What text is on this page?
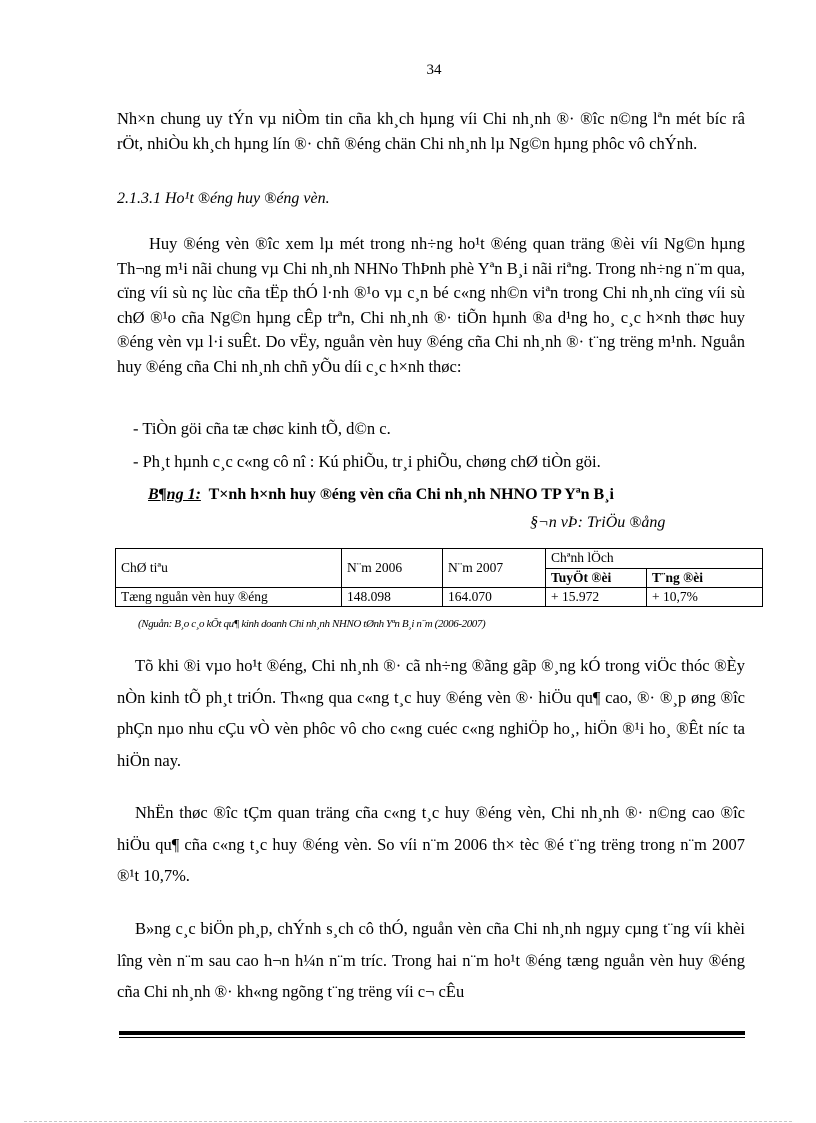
34

Nh×n chung uy tÝn vµ niÒm tin cña kh¸ch hµng víi Chi nh¸nh ®· ®îc n©ng lªn mét bíc râ rÖt, nhiÒu kh¸ch hµng lín ®· chñ ®éng chän Chi nh¸nh lµ Ng©n hµng phôc vô chÝnh.

2.1.3.1 Ho¹t ®éng huy ®éng vèn.

Huy ®éng vèn ®îc xem lµ mét trong nh÷ng ho¹t ®éng quan träng ®èi víi Ng©n hµng Th¬ng m¹i nãi chung vµ Chi nh¸nh NHNo ThÞnh phè Yªn B¸i nãi riªng. Trong nh÷ng n¨m qua, cïng víi sù nç lùc cña tËp thÓ l·nh ®¹o vµ c¸n bé c«ng nh©n viªn trong Chi nh¸nh cïng víi sù chØ ®¹o cña Ng©n hµng cÊp trªn, Chi nh¸nh ®· tiÕn hµnh ®a d¹ng ho¸ c¸c h×nh thøc huy ®éng vèn vµ l·i suÊt. Do vËy, nguån vèn huy ®éng cña Chi nh¸nh ®· t¨ng trëng m¹nh. Nguån huy ®éng cña Chi nh¸nh chñ yÕu díi c¸c h×nh thøc:

- TiÒn göi cña tæ chøc kinh tÕ, d©n c.
- Ph¸t hµnh c¸c c«ng cô nî : Kú phiÕu, tr¸i phiÕu, chøng chØ tiÒn göi.
B¶ng 1: T×nh h×nh huy ®éng vèn cña Chi nh¸nh NHNO TP Yªn B¸i
§¬n vÞ: TriÖu ®ång
ChØ tiªu	N¨m 2006	N¨m 2007	Chªnh lÖch	
			TuyÖt ®èi	T¨ng ®èi
Tæng nguån vèn huy ®éng	148.098	164.070	+ 15.972	+ 10,7%
(Nguån: B¸o c¸o kÕt qu¶ kinh doanh Chi nh¸nh NHNO tØnh Yªn B¸i n¨m (2006-2007)

Tõ khi ®i vµo ho¹t ®éng, Chi nh¸nh ®· cã nh÷ng ®ãng gãp ®¸ng kÓ trong viÖc thóc ®Èy nÒn kinh tÕ ph¸t triÓn. Th«ng qua c«ng t¸c huy ®éng vèn ®· hiÖu qu¶ cao, ®· ®¸p øng ®îc phÇn nµo nhu cÇu vÒ vèn phôc vô cho c«ng cuéc c«ng nghiÖp ho¸, hiÖn ®¹i ho¸ ®Êt níc ta hiÖn nay.

NhËn thøc ®îc tÇm quan träng cña c«ng t¸c huy ®éng vèn, Chi nh¸nh ®· n©ng cao ®îc hiÖu qu¶ cña c«ng t¸c huy ®éng vèn. So víi n¨m 2006 th× tèc ®é t¨ng trëng trong n¨m 2007 ®¹t 10,7%.

B»ng c¸c biÖn ph¸p, chÝnh s¸ch cô thÓ, nguån vèn cña Chi nh¸nh ngµy cµng t¨ng víi khèi lîng vèn n¨m sau cao h¬n h¼n n¨m tríc. Trong hai n¨m ho¹t ®éng tæng nguån vèn huy ®éng cña Chi nh¸nh ®· kh«ng ngõng t¨ng trëng víi c¬ cÊu
